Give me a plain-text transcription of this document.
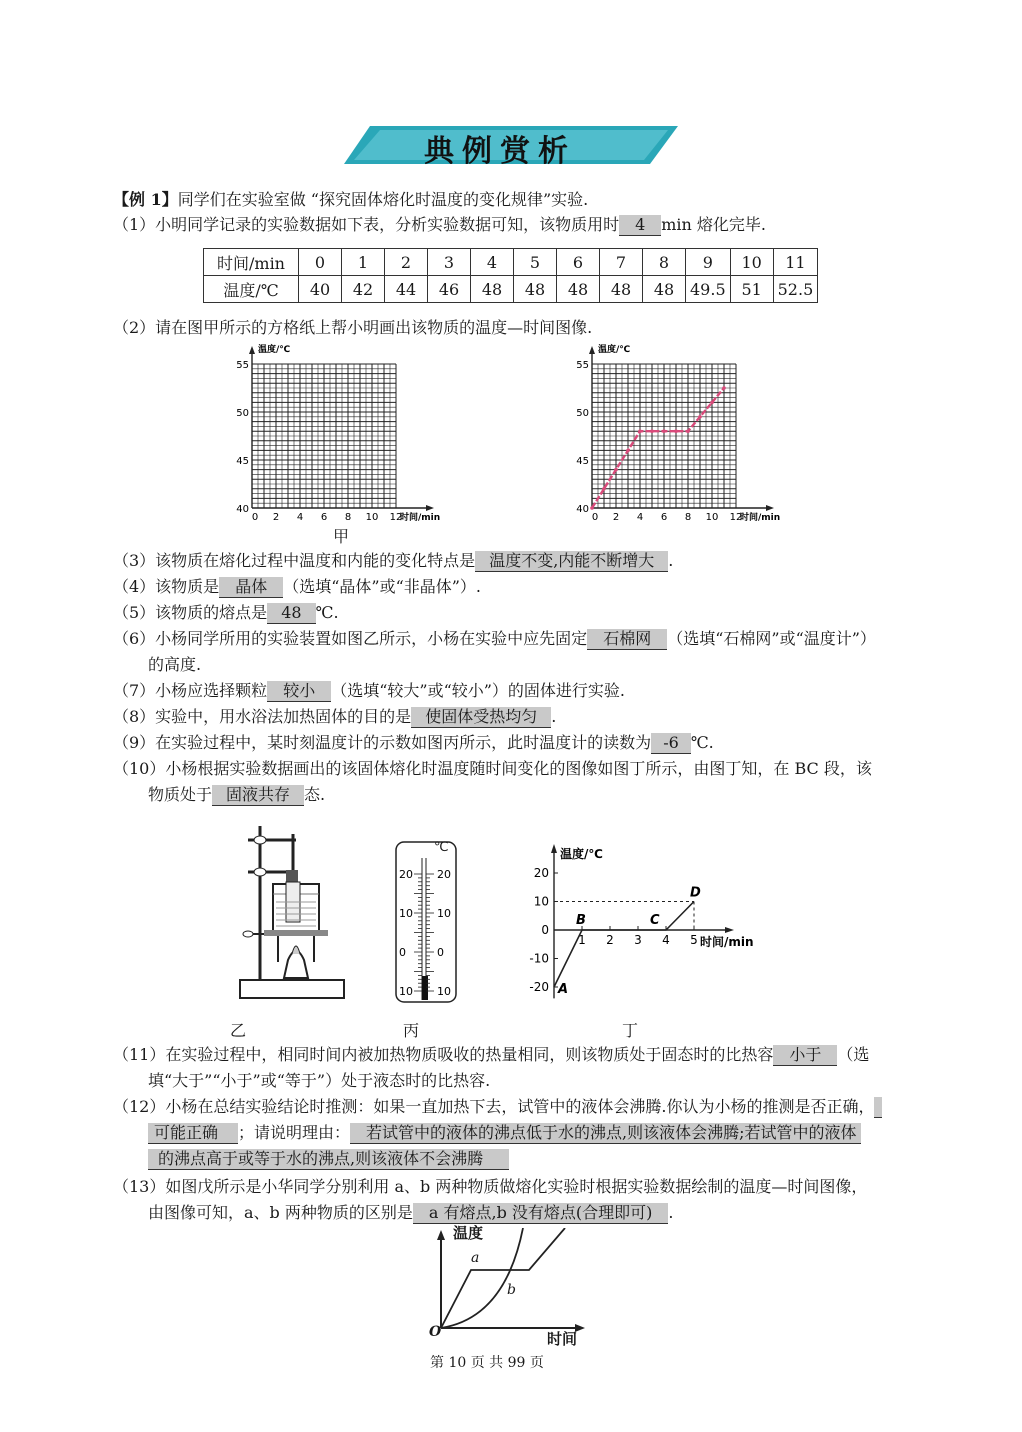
典例赏析
【例 1】同学们在实验室做 “探究固体熔化时温度的变化规律”实验.
（1）小明同学记录的实验数据如下表，分析实验数据可知，该物质用时 4 min 熔化完毕.
时间/min	0	1	2	3	4	5	6	7	8	9	10	11
温度/℃	40	42	44	46	48	48	48	48	48	49.5	51	52.5
（2）请在图甲所示的方格纸上帮小明画出该物质的温度—时间图像.
温度/℃
时间/min
55
50
45
40
0 2 4 6 8 10 12
甲
温度/℃
时间/min
55
50
45
40
0 2 4 6 8 10 12
（3）该物质在熔化过程中温度和内能的变化特点是 温度不变,内能不断增大 .
（4）该物质是 晶体 （选填“晶体”或“非晶体”）.
（5）该物质的熔点是 48 ℃.
（6）小杨同学所用的实验装置如图乙所示，小杨在实验中应先固定 石棉网 （选填“石棉网”或“温度计”）
的高度.
（7）小杨应选择颗粒 较小 （选填“较大”或“较小”）的固体进行实验.
（8）实验中，用水浴法加热固体的目的是 使固体受热均匀 .
（9）在实验过程中，某时刻温度计的示数如图丙所示，此时温度计的读数为 -6 ℃.
（10）小杨根据实验数据画出的该固体熔化时温度随时间变化的图像如图丁所示，由图丁知，在 BC 段，该
物质处于 固液共存 态.
乙
20 20
10 10
0	0
10 10
℃
丙
温度/℃
时间/min
20
10
0
-10
-20
1 2 3 4 5
A
B	C
D
丁
（11）在实验过程中，相同时间内被加热物质吸收的热量相同，则该物质处于固态时的比热容 小于 （选
填“大于”“小于”或“等于”）处于液态时的比热容.
（12）小杨在总结实验结论时推测：如果一直加热下去，试管中的液体会沸腾.你认为小杨的推测是否正确，
可能正确 ；请说明理由： 若试管中的液体的沸点低于水的沸点,则该液体会沸腾;若试管中的液体
的沸点高于或等于水的沸点,则该液体不会沸腾
（13）如图戊所示是小华同学分别利用 a、b 两种物质做熔化实验时根据实验数据绘制的温度—时间图像，
由图像可知，a、b 两种物质的区别是 a 有熔点,b 没有熔点(合理即可) .
温度
时间
O
a
b
第 10 页 共 99 页
